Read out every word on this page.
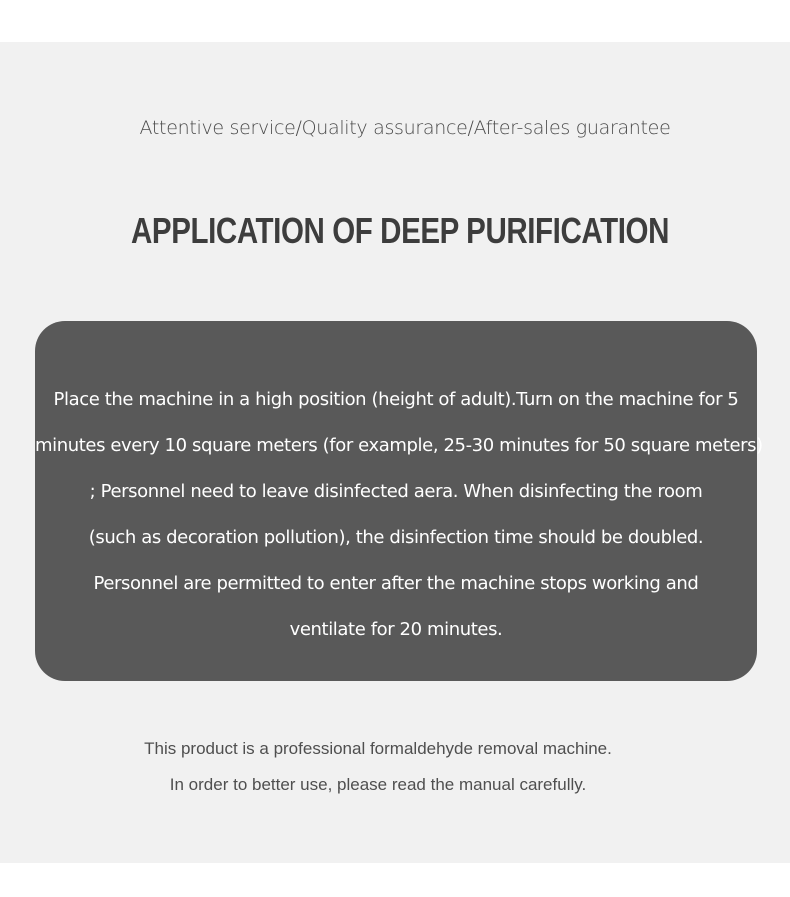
Attentive service/Quality assurance/After-sales guarantee
APPLICATION OF DEEP PURIFICATION
Place the machine in a high position (height of adult).Turn on the machine for 5
minutes every 10 square meters (for example, 25-30 minutes for 50 square meters)
; Personnel need to leave disinfected aera. When disinfecting the room
(such as decoration pollution), the disinfection time should be doubled.
Personnel are permitted to enter after the machine stops working and
ventilate for 20 minutes.
This product is a professional formaldehyde removal machine.
In order to better use, please read the manual carefully.
